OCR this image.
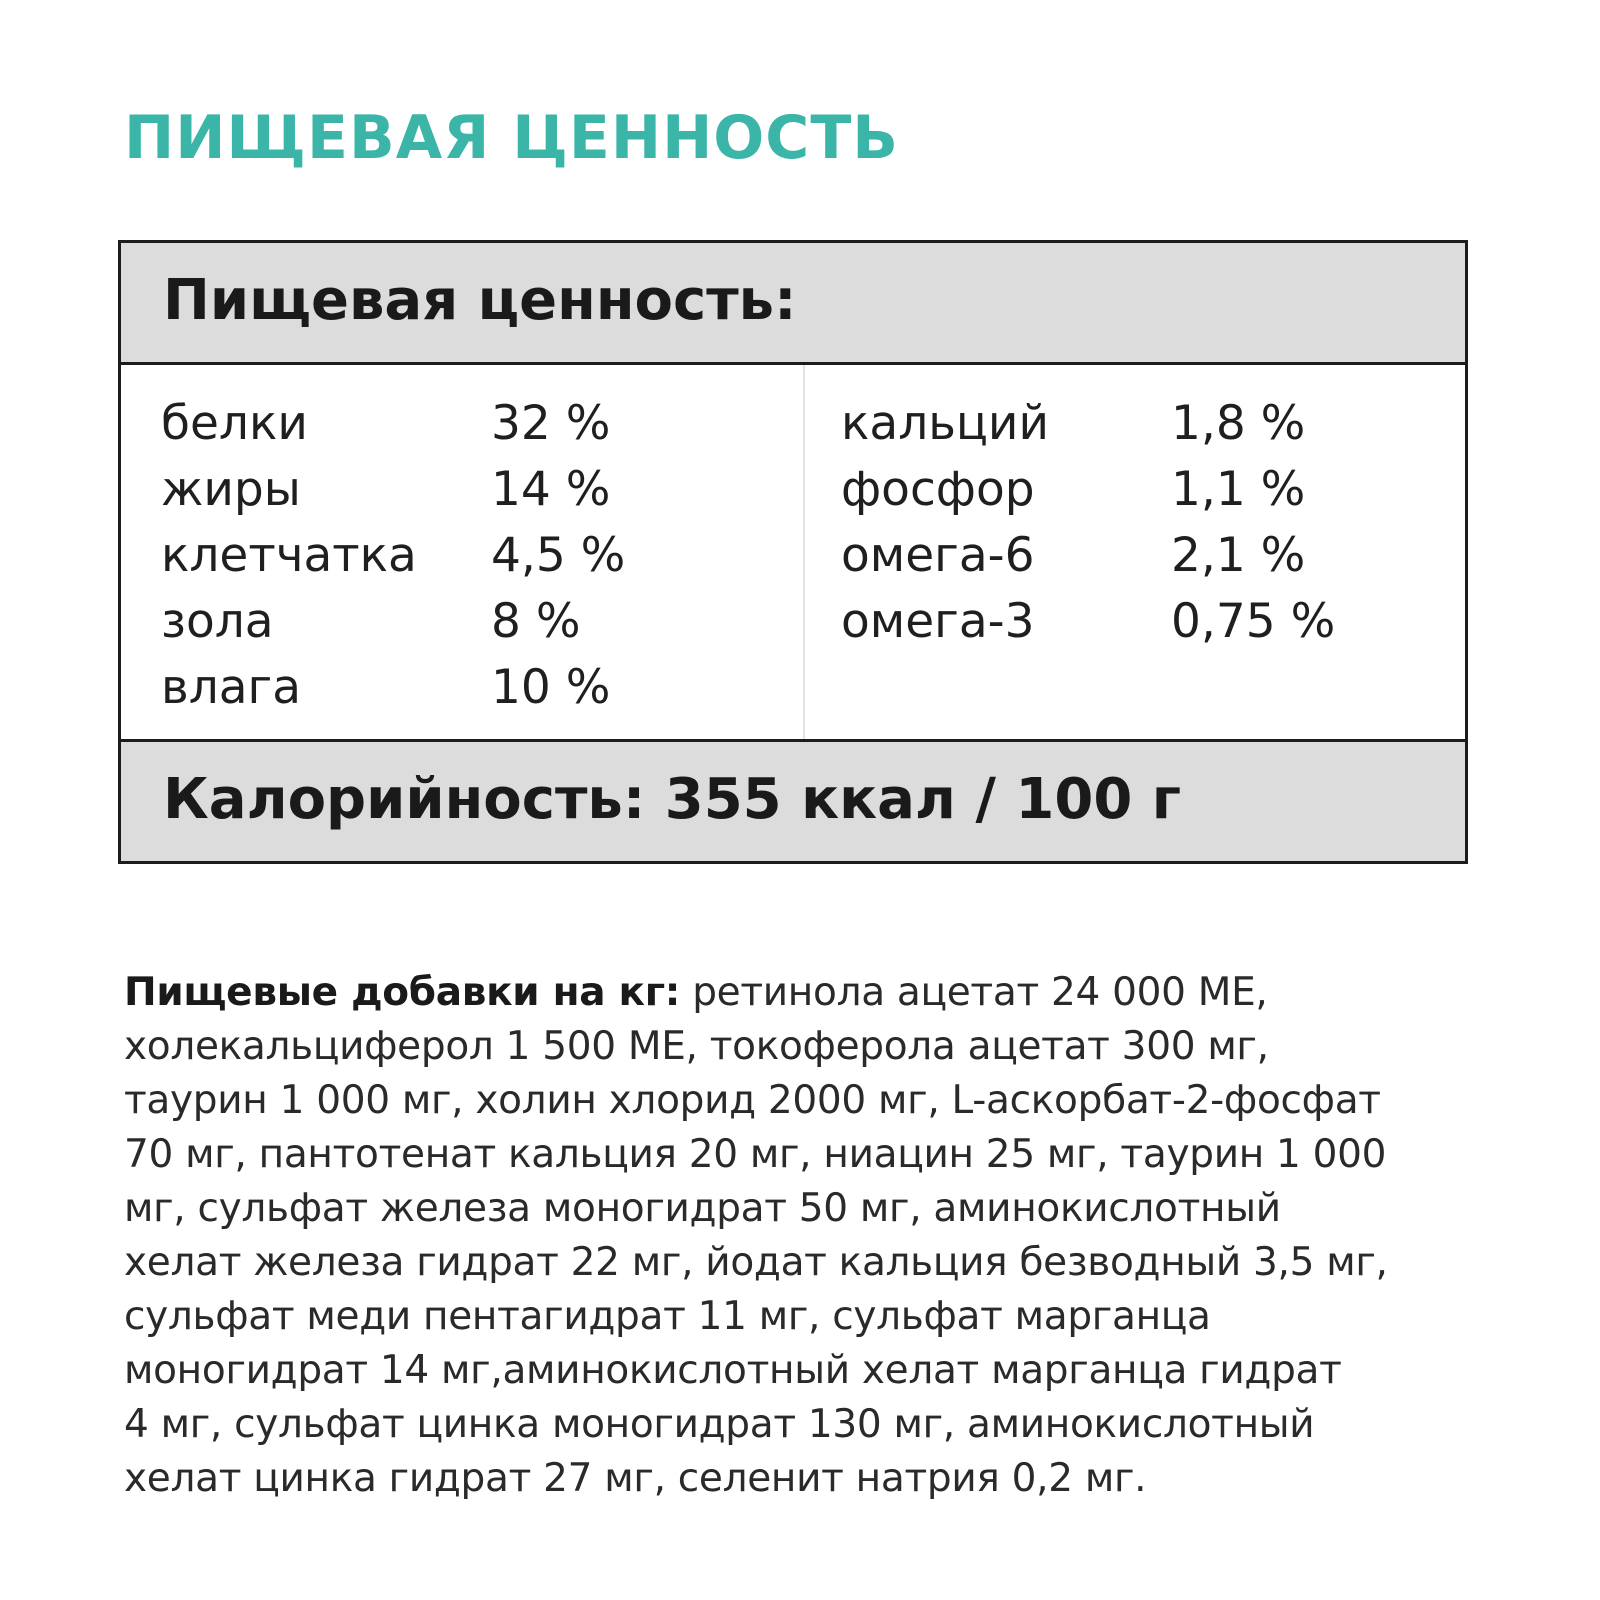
ПИЩЕВАЯ ЦЕННОСТЬ
Пищевая ценность:
белки	32 %
жиры	14 %
клетчатка 4,5 %
зола	8 %
влага	10 %
кальций	1,8 %
фосфор	1,1 %
омега-6	2,1 %
омега-3	0,75 %
Калорийность: 355 ккал / 100 г
Пищевые добавки на кг: ретинола ацетат 24 000 МЕ,
холекальциферол 1 500 МЕ, токоферола ацетат 300 мг,
таурин 1 000 мг, холин хлорид 2000 мг, L-аскорбат-2-фосфат
70 мг, пантотенат кальция 20 мг, ниацин 25 мг, таурин 1 000
мг, сульфат железа моногидрат 50 мг, аминокислотный
хелат железа гидрат 22 мг, йодат кальция безводный 3,5 мг,
сульфат меди пентагидрат 11 мг, сульфат марганца
моногидрат 14 мг,аминокислотный хелат марганца гидрат
4 мг, сульфат цинка моногидрат 130 мг, аминокислотный
хелат цинка гидрат 27 мг, селенит натрия 0,2 мг.
